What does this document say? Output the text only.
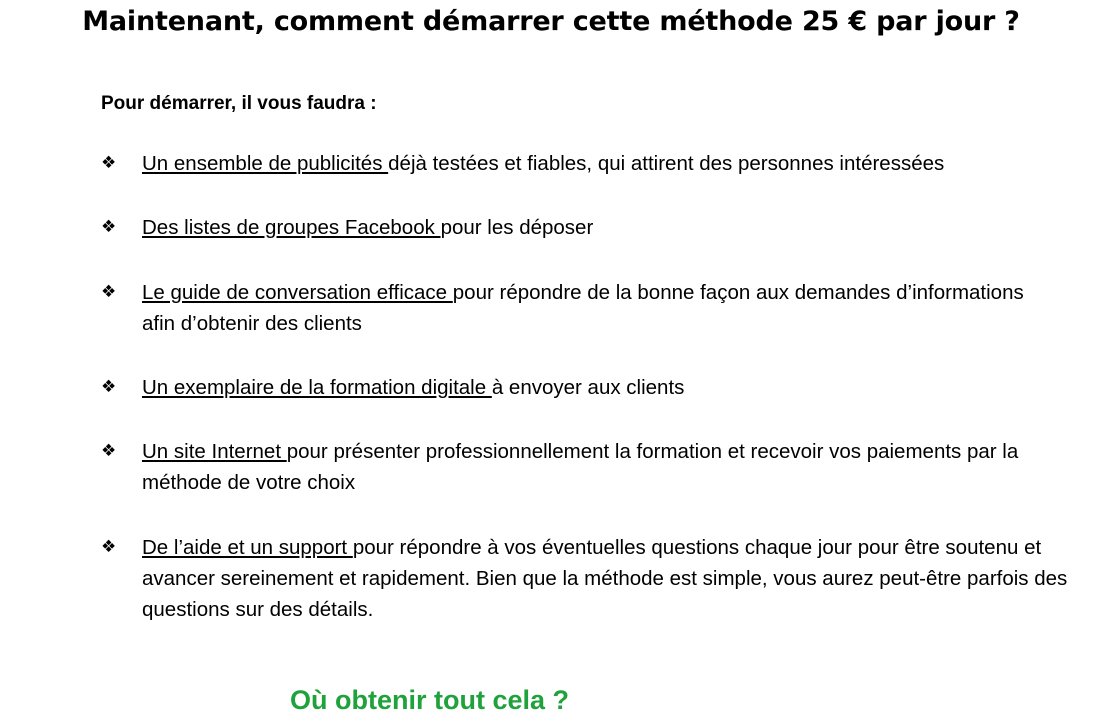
Maintenant, comment démarrer cette méthode 25 € par jour ?
Pour démarrer, il vous faudra :
❖	Un ensemble de publicités déjà testées et fiables, qui attirent des personnes intéressées
❖	Des listes de groupes Facebook pour les déposer
❖	Le guide de conversation efficace pour répondre de la bonne façon aux demandes d’informations afin d’obtenir des clients
❖	Un exemplaire de la formation digitale à envoyer aux clients
❖	Un site Internet pour présenter professionnellement la formation et recevoir vos paiements par la méthode de votre choix
❖	De l’aide et un support pour répondre à vos éventuelles questions chaque jour pour être soutenu et avancer sereinement et rapidement. Bien que la méthode est simple, vous aurez peut-être parfois des questions sur des détails.
Où obtenir tout cela ?
